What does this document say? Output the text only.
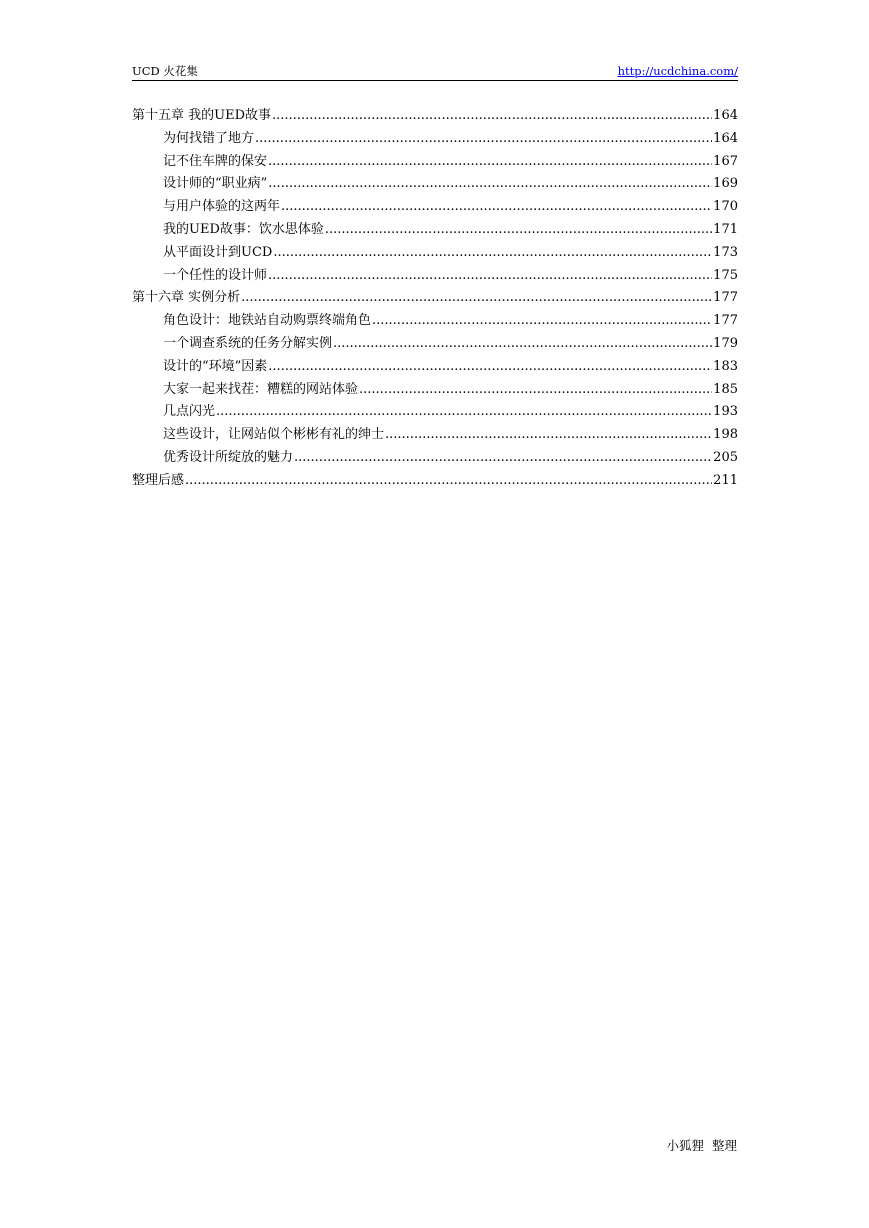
UCD 火花集	http://ucdchina.com/
第十五章 我的UED故事 .....	164
为何找错了地方 .....	164
记不住车牌的保安 .....	167
设计师的“职业病” .....	169
与用户体验的这两年 .....	170
我的UED故事：饮水思体验 .....	171
从平面设计到UCD .....	173
一个任性的设计师 .....	175
第十六章 实例分析 .....	177
角色设计：地铁站自动购票终端角色 .....	177
一个调查系统的任务分解实例 .....	179
设计的“环境”因素 .....	183
大家一起来找茬：糟糕的网站体验 .....	185
几点闪光 .....	193
这些设计，让网站似个彬彬有礼的绅士 .....	198
优秀设计所绽放的魅力 .....	205
整理后感 .....	211
小狐狸  整理
